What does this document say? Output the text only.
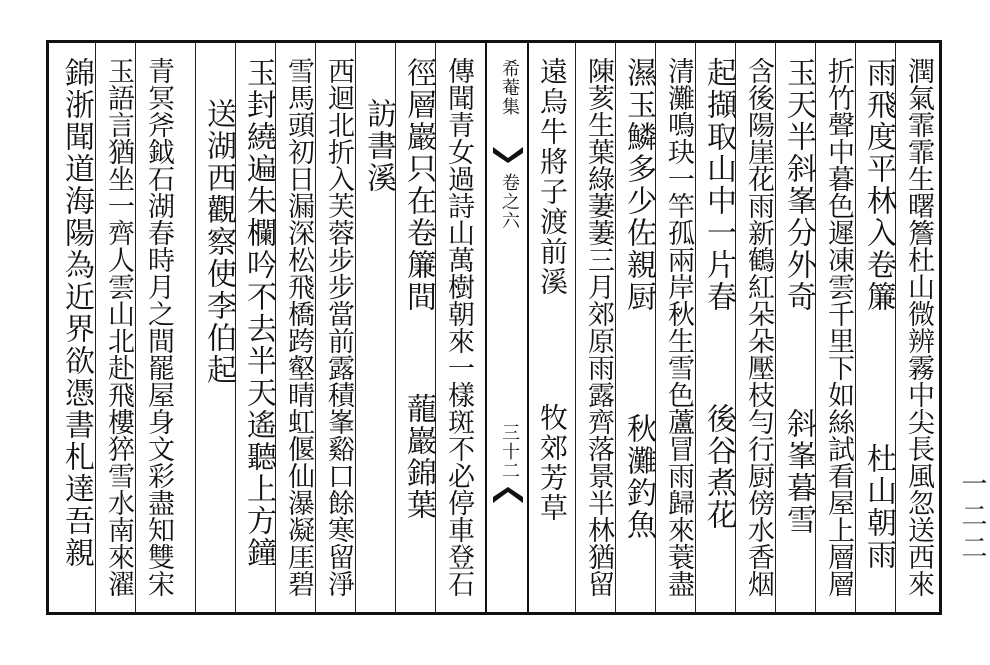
潤氣霏霏生曙簷杜山微辨霧中尖長風忽送西來
雨飛度平林入卷簾
杜山朝雨
折竹聲中暮色遲凍雲千里下如絲試看屋上層層
玉天半斜峯分外奇
斜峯暮雪
含後陽崖花雨新鶴紅朵朵壓枝勻行厨傍水香烟
起擷取山中一片春
後谷煮花
清灘鳴玦一竿孤兩岸秋生雪色蘆冒雨歸來蓑盡
濕玉鱗多少佐親厨
秋灘釣魚
陳荄生葉綠萋萋三月郊原雨露齊落景半林猶留
遠烏牛將子渡前溪
牧郊芳草
希菴集
卷之六
三十二
傳聞青女過詩山萬樹朝來一樣斑不必停車登石
徑層巖只在卷簾間
蘢巖錦葉
訪書溪
西迴北折入芙蓉步步當前露積峯谿口餘寒留淨
雪馬頭初日漏深松飛橋跨壑晴虹偃仙瀑凝厓碧
玉封繞遍朱欄吟不去半天遙聽上方鐘
送湖西觀察使李伯起
青冥斧鉞石湖春時月之間罷屋身文彩盡知雙宋
玉語言猶坐一齊人雲山北赴飛樓猝雪水南來濯
錦浙聞道海陽為近界欲憑書札達吾親	一二二
